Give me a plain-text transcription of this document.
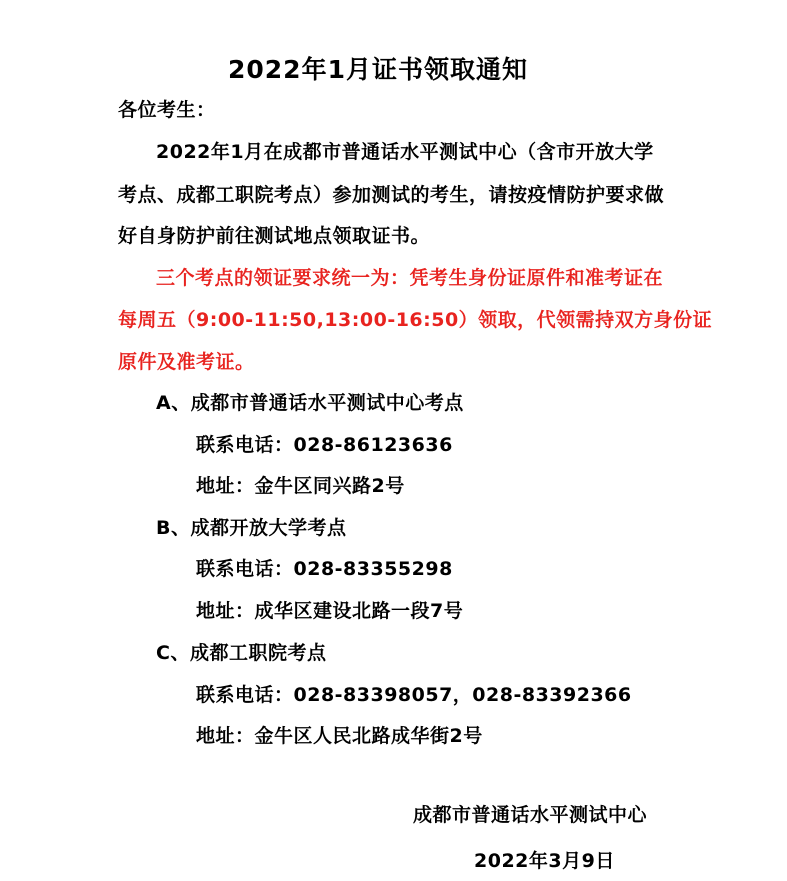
2022年1月证书领取通知
各位考生：
2022年1月在成都市普通话水平测试中心（含市开放大学
考点、成都工职院考点）参加测试的考生，请按疫情防护要求做
好自身防护前往测试地点领取证书。
三个考点的领证要求统一为：凭考生身份证原件和准考证在
每周五（9:00-11:50,13:00-16:50）领取，代领需持双方身份证
原件及准考证。
A、成都市普通话水平测试中心考点
联系电话：028-86123636
地址：金牛区同兴路2号
B、成都开放大学考点
联系电话：028-83355298
地址：成华区建设北路一段7号
C、成都工职院考点
联系电话：028-83398057，028-83392366
地址：金牛区人民北路成华街2号
成都市普通话水平测试中心
2022年3月9日
